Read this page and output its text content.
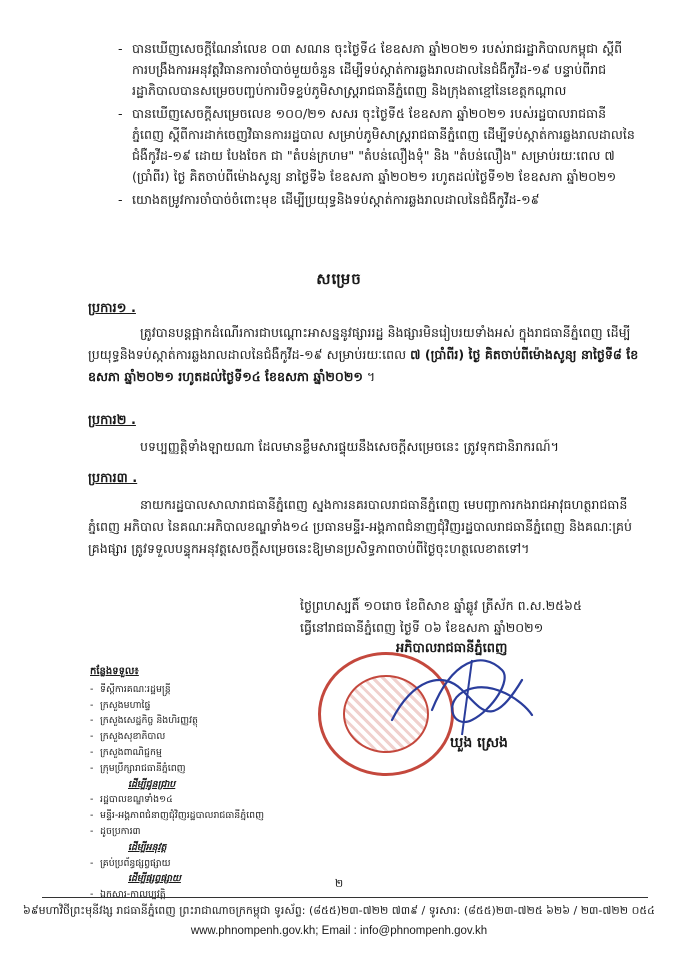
- បានឃើញសេចក្តីណែនាំលេខ ០៣ សណន ចុះថ្ងៃទី៤ ខែឧសភា ឆ្នាំ២០២១ របស់រាជរដ្ឋាភិបាលកម្ពុជា ស្តីពីការបង្រឹងការអនុវត្តវិធានការចាំបាច់មួយចំនួន ដើម្បីទប់ស្កាត់ការឆ្លងរាលដាលនៃជំងឺកូវីដ-១៩ បន្ទាប់ពីរាជរដ្ឋាភិបាលបានសម្រេចបញ្ចប់ការបិទខ្ទប់ភូមិសាស្ត្ររាជធានីភ្នំពេញ និងក្រុងតាខ្មៅនៃខេត្តកណ្តាល
- បានឃើញសេចក្តីសម្រេចលេខ ១០០/២១ សសរ ចុះថ្ងៃទី៥ ខែឧសភា ឆ្នាំ២០២១ របស់រដ្ឋបាលរាជធានីភ្នំពេញ ស្តីពីការដាក់ចេញវិធានការរដ្ឋបាល សម្រាប់ភូមិសាស្ត្ររាជធានីភ្នំពេញ ដើម្បីទប់ស្កាត់ការឆ្លងរាលដាលនៃជំងឺកូវីដ-១៩ ដោយ បែងចែក ជា "តំបន់ក្រហម" "តំបន់លឿងទុំ" និង "តំបន់លឿង" សម្រាប់រយៈពេល ៧ (ប្រាំពីរ) ថ្ងៃ គិតចាប់ពីម៉ោងសូន្យ នាថ្ងៃទី៦ ខែឧសភា ឆ្នាំ២០២១ រហូតដល់ថ្ងៃទី១២ ខែឧសភា ឆ្នាំ២០២១
- យោងតម្រូវការចាំបាច់ចំពោះមុខ ដើម្បីប្រយុទ្ធនិងទប់ស្កាត់ការឆ្លងរាលដាលនៃជំងឺកូវីដ-១៩
សម្រេច
ប្រការ១ .
ត្រូវបានបន្តផ្អាកដំណើរការជាបណ្តោះអាសន្ននូវផ្សាររដ្ឋ និងផ្សារមិនរៀបរយទាំងអស់ ក្នុងរាជធានីភ្នំពេញ ដើម្បីប្រយុទ្ធនិងទប់ស្កាត់ការឆ្លងរាលដាលនៃជំងឺកូវីដ-១៩ សម្រាប់រយៈពេល ៧ (ប្រាំពីរ) ថ្ងៃ គិតចាប់ពីម៉ោងសូន្យ នាថ្ងៃទី៨ ខែឧសភា ឆ្នាំ២០២១ រហូតដល់ថ្ងៃទី១៤ ខែឧសភា ឆ្នាំ២០២១ ។
ប្រការ២ .
បទប្បញ្ញត្តិទាំងឡាយណា ដែលមានខ្លឹមសារផ្ទុយនឹងសេចក្តីសម្រេចនេះ ត្រូវទុកជានិរាករណ៍។
ប្រការ៣ .
នាយករដ្ឋបាលសាលារាជធានីភ្នំពេញ ស្នងការនគរបាលរាជធានីភ្នំពេញ មេបញ្ជាការកងរាជអាវុធហត្ថរាជធានីភ្នំពេញ អភិបាល នៃគណៈអភិបាលខណ្ឌទាំង១៤ ប្រធានមន្ទីរ-អង្គភាពជំនាញជុំវិញរដ្ឋបាលរាជធានីភ្នំពេញ និងគណៈគ្រប់គ្រងផ្សារ ត្រូវទទួលបន្ទុកអនុវត្តសេចក្តីសម្រេចនេះឱ្យមានប្រសិទ្ធភាពចាប់ពីថ្ងៃចុះហត្ថលេខាតទៅ។
ថ្ងៃព្រហស្បតិ៍ ១០រោច ខែពិសាខ ឆ្នាំឆ្លូវ ត្រីស័ក ព.ស.២៥៦៥
ធ្វើនៅរាជធានីភ្នំពេញ ថ្ងៃទី ០៦ ខែឧសភា ឆ្នាំ២០២១
អភិបាលរាជធានីភ្នំពេញ
ឃួង ស្រេង
កន្លែងទទួល៖
- ទីស្តីការគណៈរដ្ឋមន្ត្រី
- ក្រសួងមហាផ្ទៃ
- ក្រសួងសេដ្ឋកិច្ច និងហិរញ្ញវត្ថុ
- ក្រសួងសុខាភិបាល
- ក្រសួងពាណិជ្ជកម្ម
- ក្រុមប្រឹក្សារាជធានីភ្នំពេញ
ដើម្បីជូនជ្រាប
- រដ្ឋបាលខណ្ឌទាំង១៤
- មន្ទីរ-អង្គភាពជំនាញជុំវិញរដ្ឋបាលរាជធានីភ្នំពេញ
- ដូចប្រការ៣
ដើម្បីអនុវត្ត
- គ្រប់ប្រព័ន្ធផ្សព្វផ្សាយ
ដើម្បីផ្សព្វផ្សាយ
- ឯកសារ-កាលប្បវត្តិ
២
៦៩មហាវិថីព្រះមុនីវង្ស រាជធានីភ្នំពេញ ព្រះរាជាណាចក្រកម្ពុជា ទូរស័ព្ទ: (៨៥៥)២៣-៧២២ ៧៣៩ / ទូរសារ: (៨៥៥)២៣-៧២៥ ៦២៦ / ២៣-៧២២ ០៥៤
www.phnompenh.gov.kh; Email : info@phnompenh.gov.kh
